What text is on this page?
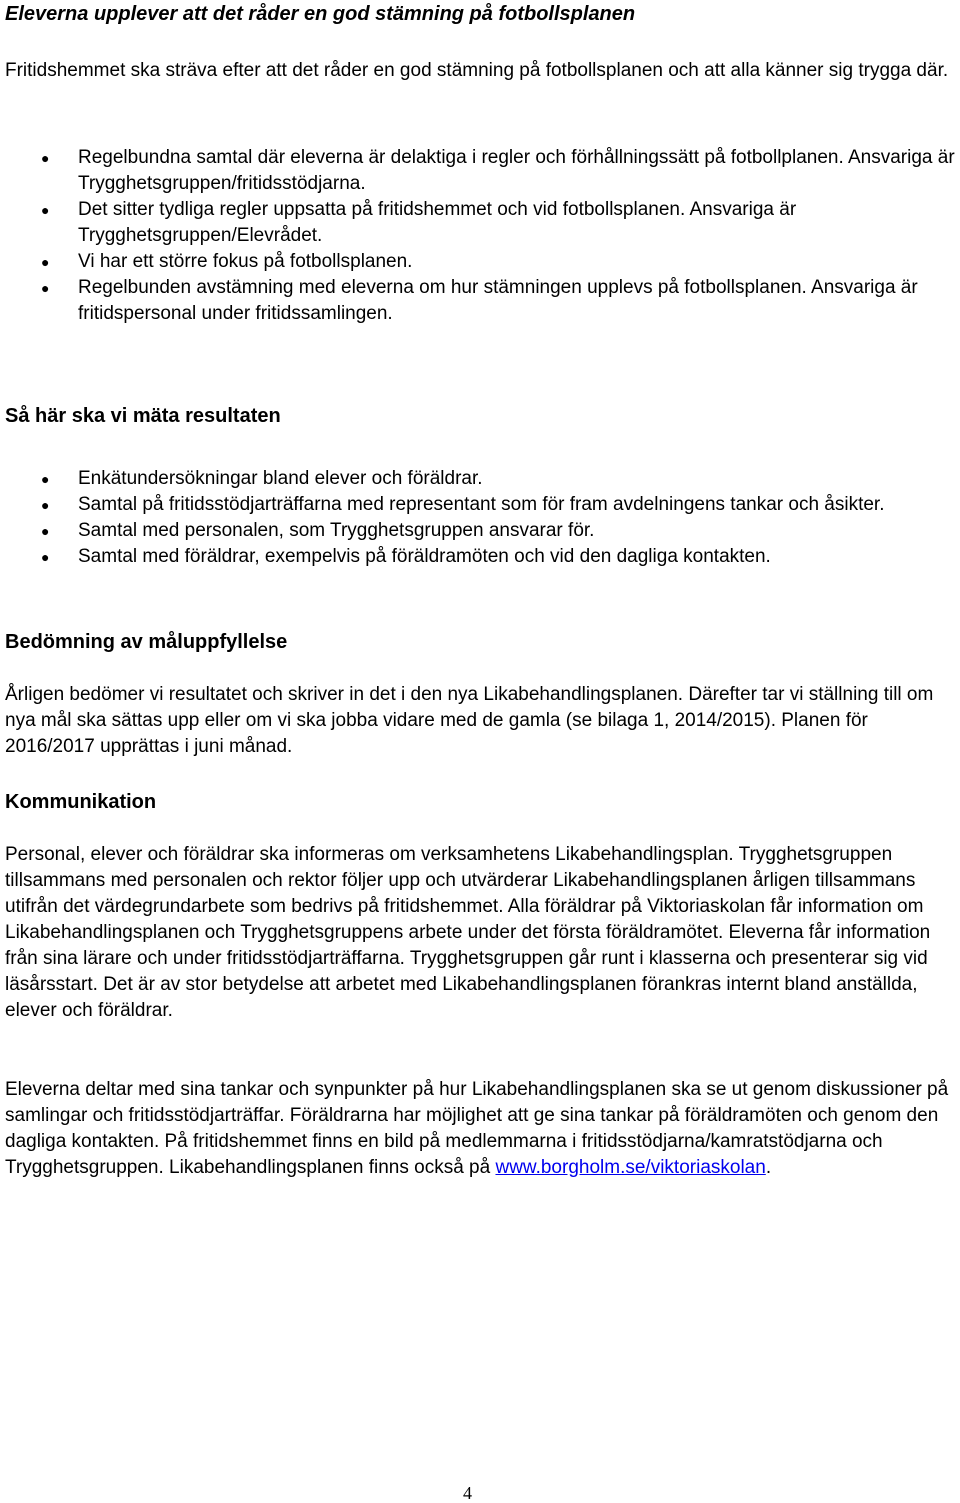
Eleverna upplever att det råder en god stämning på fotbollsplanen

Fritidshemmet ska sträva efter att det råder en god stämning på fotbollsplanen och att alla känner sig trygga där.

● Regelbundna samtal där eleverna är delaktiga i regler och förhållningssätt på fotbollplanen. Ansvariga är Trygghetsgruppen/fritidsstödjarna.
● Det sitter tydliga regler uppsatta på fritidshemmet och vid fotbollsplanen. Ansvariga är Trygghetsgruppen/Elevrådet.
● Vi har ett större fokus på fotbollsplanen.
● Regelbunden avstämning med eleverna om hur stämningen upplevs på fotbollsplanen. Ansvariga är fritidspersonal under fritidssamlingen.
Så här ska vi mäta resultaten
● Enkätundersökningar bland elever och föräldrar.
● Samtal på fritidsstödjarträffarna med representant som för fram avdelningens tankar och åsikter.
● Samtal med personalen, som Trygghetsgruppen ansvarar för.
● Samtal med föräldrar, exempelvis på föräldramöten och vid den dagliga kontakten.
Bedömning av måluppfyllelse

Årligen bedömer vi resultatet och skriver in det i den nya Likabehandlingsplanen. Därefter tar vi ställning till om nya mål ska sättas upp eller om vi ska jobba vidare med de gamla (se bilaga 1, 2014/2015). Planen för 2016/2017 upprättas i juni månad.

Kommunikation

Personal, elever och föräldrar ska informeras om verksamhetens Likabehandlingsplan. Trygghetsgruppen tillsammans med personalen och rektor följer upp och utvärderar Likabehandlingsplanen årligen tillsammans utifrån det värdegrundarbete som bedrivs på fritidshemmet. Alla föräldrar på Viktoriaskolan får information om Likabehandlingsplanen och Trygghetsgruppens arbete under det första föräldramötet. Eleverna får information från sina lärare och under fritidsstödjarträffarna. Trygghetsgruppen går runt i klasserna och presenterar sig vid läsårsstart. Det är av stor betydelse att arbetet med Likabehandlingsplanen förankras internt bland anställda, elever och föräldrar.

Eleverna deltar med sina tankar och synpunkter på hur Likabehandlingsplanen ska se ut genom diskussioner på samlingar och fritidsstödjarträffar. Föräldrarna har möjlighet att ge sina tankar på föräldramöten och genom den dagliga kontakten. På fritidshemmet finns en bild på medlemmarna i fritidsstödjarna/kamratstödjarna och Trygghetsgruppen. Likabehandlingsplanen finns också på www.borgholm.se/viktoriaskolan.

4
